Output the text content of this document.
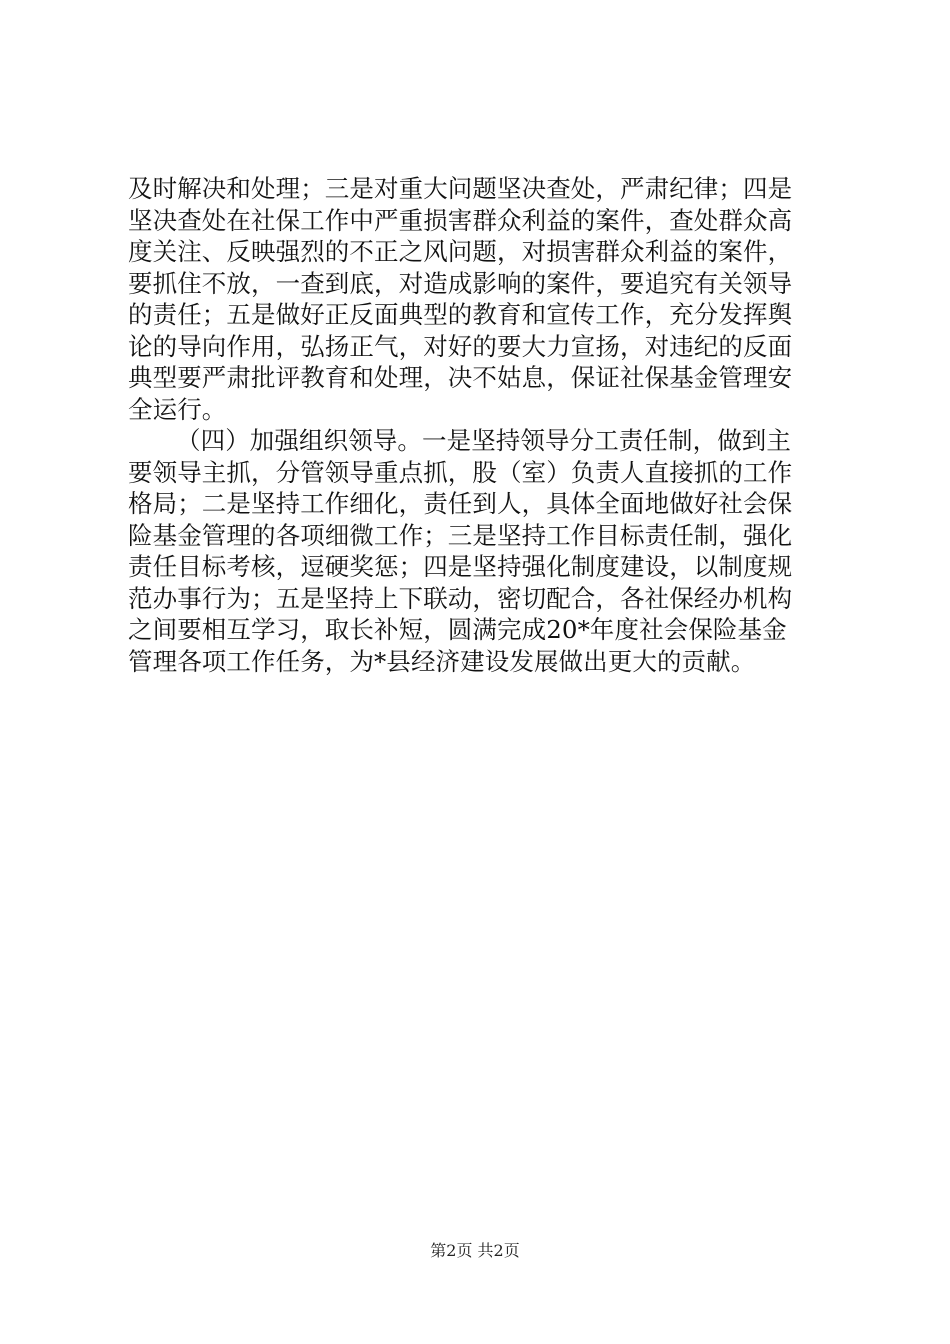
及时解决和处理；三是对重大问题坚决查处，严肃纪律；四是
坚决查处在社保工作中严重损害群众利益的案件，查处群众高
度关注、反映强烈的不正之风问题，对损害群众利益的案件，
要抓住不放，一查到底，对造成影响的案件，要追究有关领导
的责任；五是做好正反面典型的教育和宣传工作，充分发挥舆
论的导向作用，弘扬正气，对好的要大力宣扬，对违纪的反面
典型要严肃批评教育和处理，决不姑息，保证社保基金管理安
全运行。
（四）加强组织领导。一是坚持领导分工责任制，做到主
要领导主抓，分管领导重点抓，股（室）负责人直接抓的工作
格局；二是坚持工作细化，责任到人，具体全面地做好社会保
险基金管理的各项细微工作；三是坚持工作目标责任制，强化
责任目标考核，逗硬奖惩；四是坚持强化制度建设，以制度规
范办事行为；五是坚持上下联动，密切配合，各社保经办机构
之间要相互学习，取长补短，圆满完成20*年度社会保险基金
管理各项工作任务，为*县经济建设发展做出更大的贡献。
第2页 共2页
